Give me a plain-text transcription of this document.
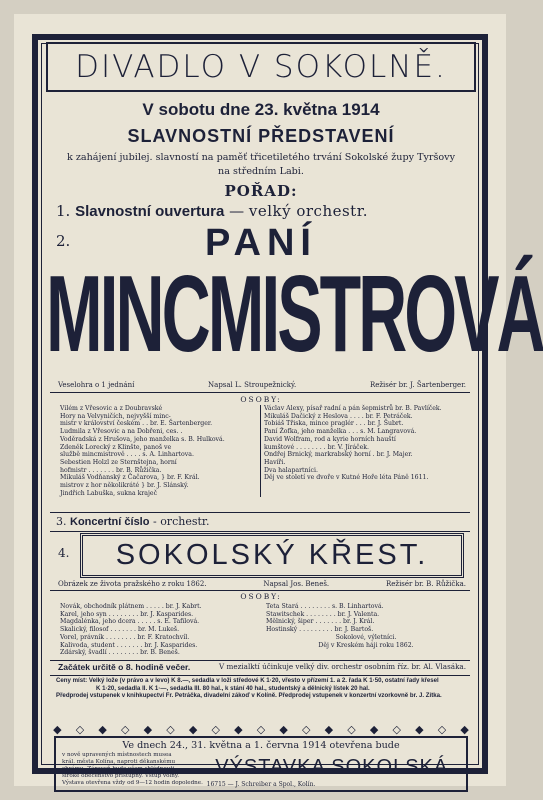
DIVADLO V SOKOLNĚ.
V sobotu dne 23. května 1914
SLAVNOSTNÍ PŘEDSTAVENÍ
k zahájení jubilej. slavností na paměť třicetiletého trvání Sokolské župy Tyršovy
na středním Labi.
POŘAD:
1. Slavnostní ouvertura — velký orchestr.
2.	PANÍ
MINCMISTROVÁ
Veselohra o 1 jednání	Napsal L. Stroupežnický.	Režisér br. J. Šartenberger.
OSOBY:
Vilém z Vřesovic a z Doubravské
Hory na Velvyničích, nejvyšší minc-
mistr v království českém . . br. E. Šartenberger.
Ludmila z Vřesovic a na Dobřeni, ces. .
Voděradská z Hrušova, jeho manželka s. B. Hulková.
Zdeněk Lorecký z Klinšte, panoš ve
službě mincmistrově . . . . s. A. Linhartova.
Sebestien Holzl ze Sternštejna, horní
hofmistr . . . . . . . br. B. Růžička.
Mikuláš Vodňanský z Čačarova, } br. F. Král.
mistrov z hor několikráté } br. J. Slánský.
Jindřich Labuška, sukna kraječ
Václav Alexy, písař radní a pán šepmistrů br. B. Pavlíček.
Mikuláš Dačický z Heslova . . . . br. F. Petráček.
Tobiáš Třiska, mince praglér . . . br. J. Šubrt.
Paní Žofka, jeho manželka . . . s. M. Langravová.
David Wolfram, rod a kyrie horních hauští
kumštové . . . . . . . . br. V. Jíráček.
Ondřej Brnický, markrabský horní . br. J. Majer.
Havíři.
Dva halapartníci.
Děj ve století ve dvoře v Kutné Hoře léta Páně 1611.
3. Koncertní číslo - orchestr.
4.	SOKOLSKÝ KŘEST.
Obrázek ze života pražského z roku 1862.	Napsal Jos. Beneš.	Režisér br. B. Růžička.
OSOBY:
Novák, obchodník plátnem . . . . . br. J. Kabrt.
Karel, jeho syn . . . . . . . . br. J. Kasparides.
Magdalénka, jeho dcera . . . . . s. E. Tafilová.
Skalický, filosof . . . . . . . br. M. Lukeš.
Vorel, právník . . . . . . . . br. F. Kratochvíl.
Kalivoda, student . . . . . . . br. J. Kasparides.
Zdárský, švadlí . . . . . . . . br. B. Beneš.
Teta Stará . . . . . . . . s. B. Linhartová.
Stawitschek . . . . . . . . br. J. Valenta.
Mělnický, šiper . . . . . . . br. J. Král.
Hostinský . . . . . . . . . br. J. Bartoš.
Sokolové, výletníci.
Děj v Kreském háji roku 1862.
Začátek určitě o 8. hodině večer.	V mezialktí účinkuje velký div. orchestr osobním říz. br. Al. Vlasáka.
Ceny míst: Velký lože (v právo a v levo) K 8.—, sedadla v loži středové K 1·20, vřesto v přízemí 1. a 2. řada K 1·50, ostatní řady křesel
K 1·20, sedadla II. K 1·—, sedadla III. 80 hal., k stání 40 hal., studentský a dělnický lístek 20 hal.
Předprodej vstupenek v knihkupectví Fr. Petráčka, divadelní zákoď v Kolíně. Předprodej vstupenek v konzertní vzorkovně br. J. Zítka.
◆ ◇ ◆ ◇ ◆ ◇ ◆ ◇ ◆ ◇ ◆ ◇ ◆ ◇ ◆ ◇ ◆ ◇ ◆
Ve dnech 24., 31. května a 1. června 1914 otevřena bude
v nově upravených místnostech musea
král. města Kolína, naproti děkanskému
chrámu. Zároveň bude všem shlédnouti
široké obecenstvo přístupny. Vstup volný.
Výstava otevřena vždy od 9—12 hodin dopoledne.
VÝSTAVKA SOKOLSKÁ.
16715 — J. Schreiber a Spol., Kolín.
